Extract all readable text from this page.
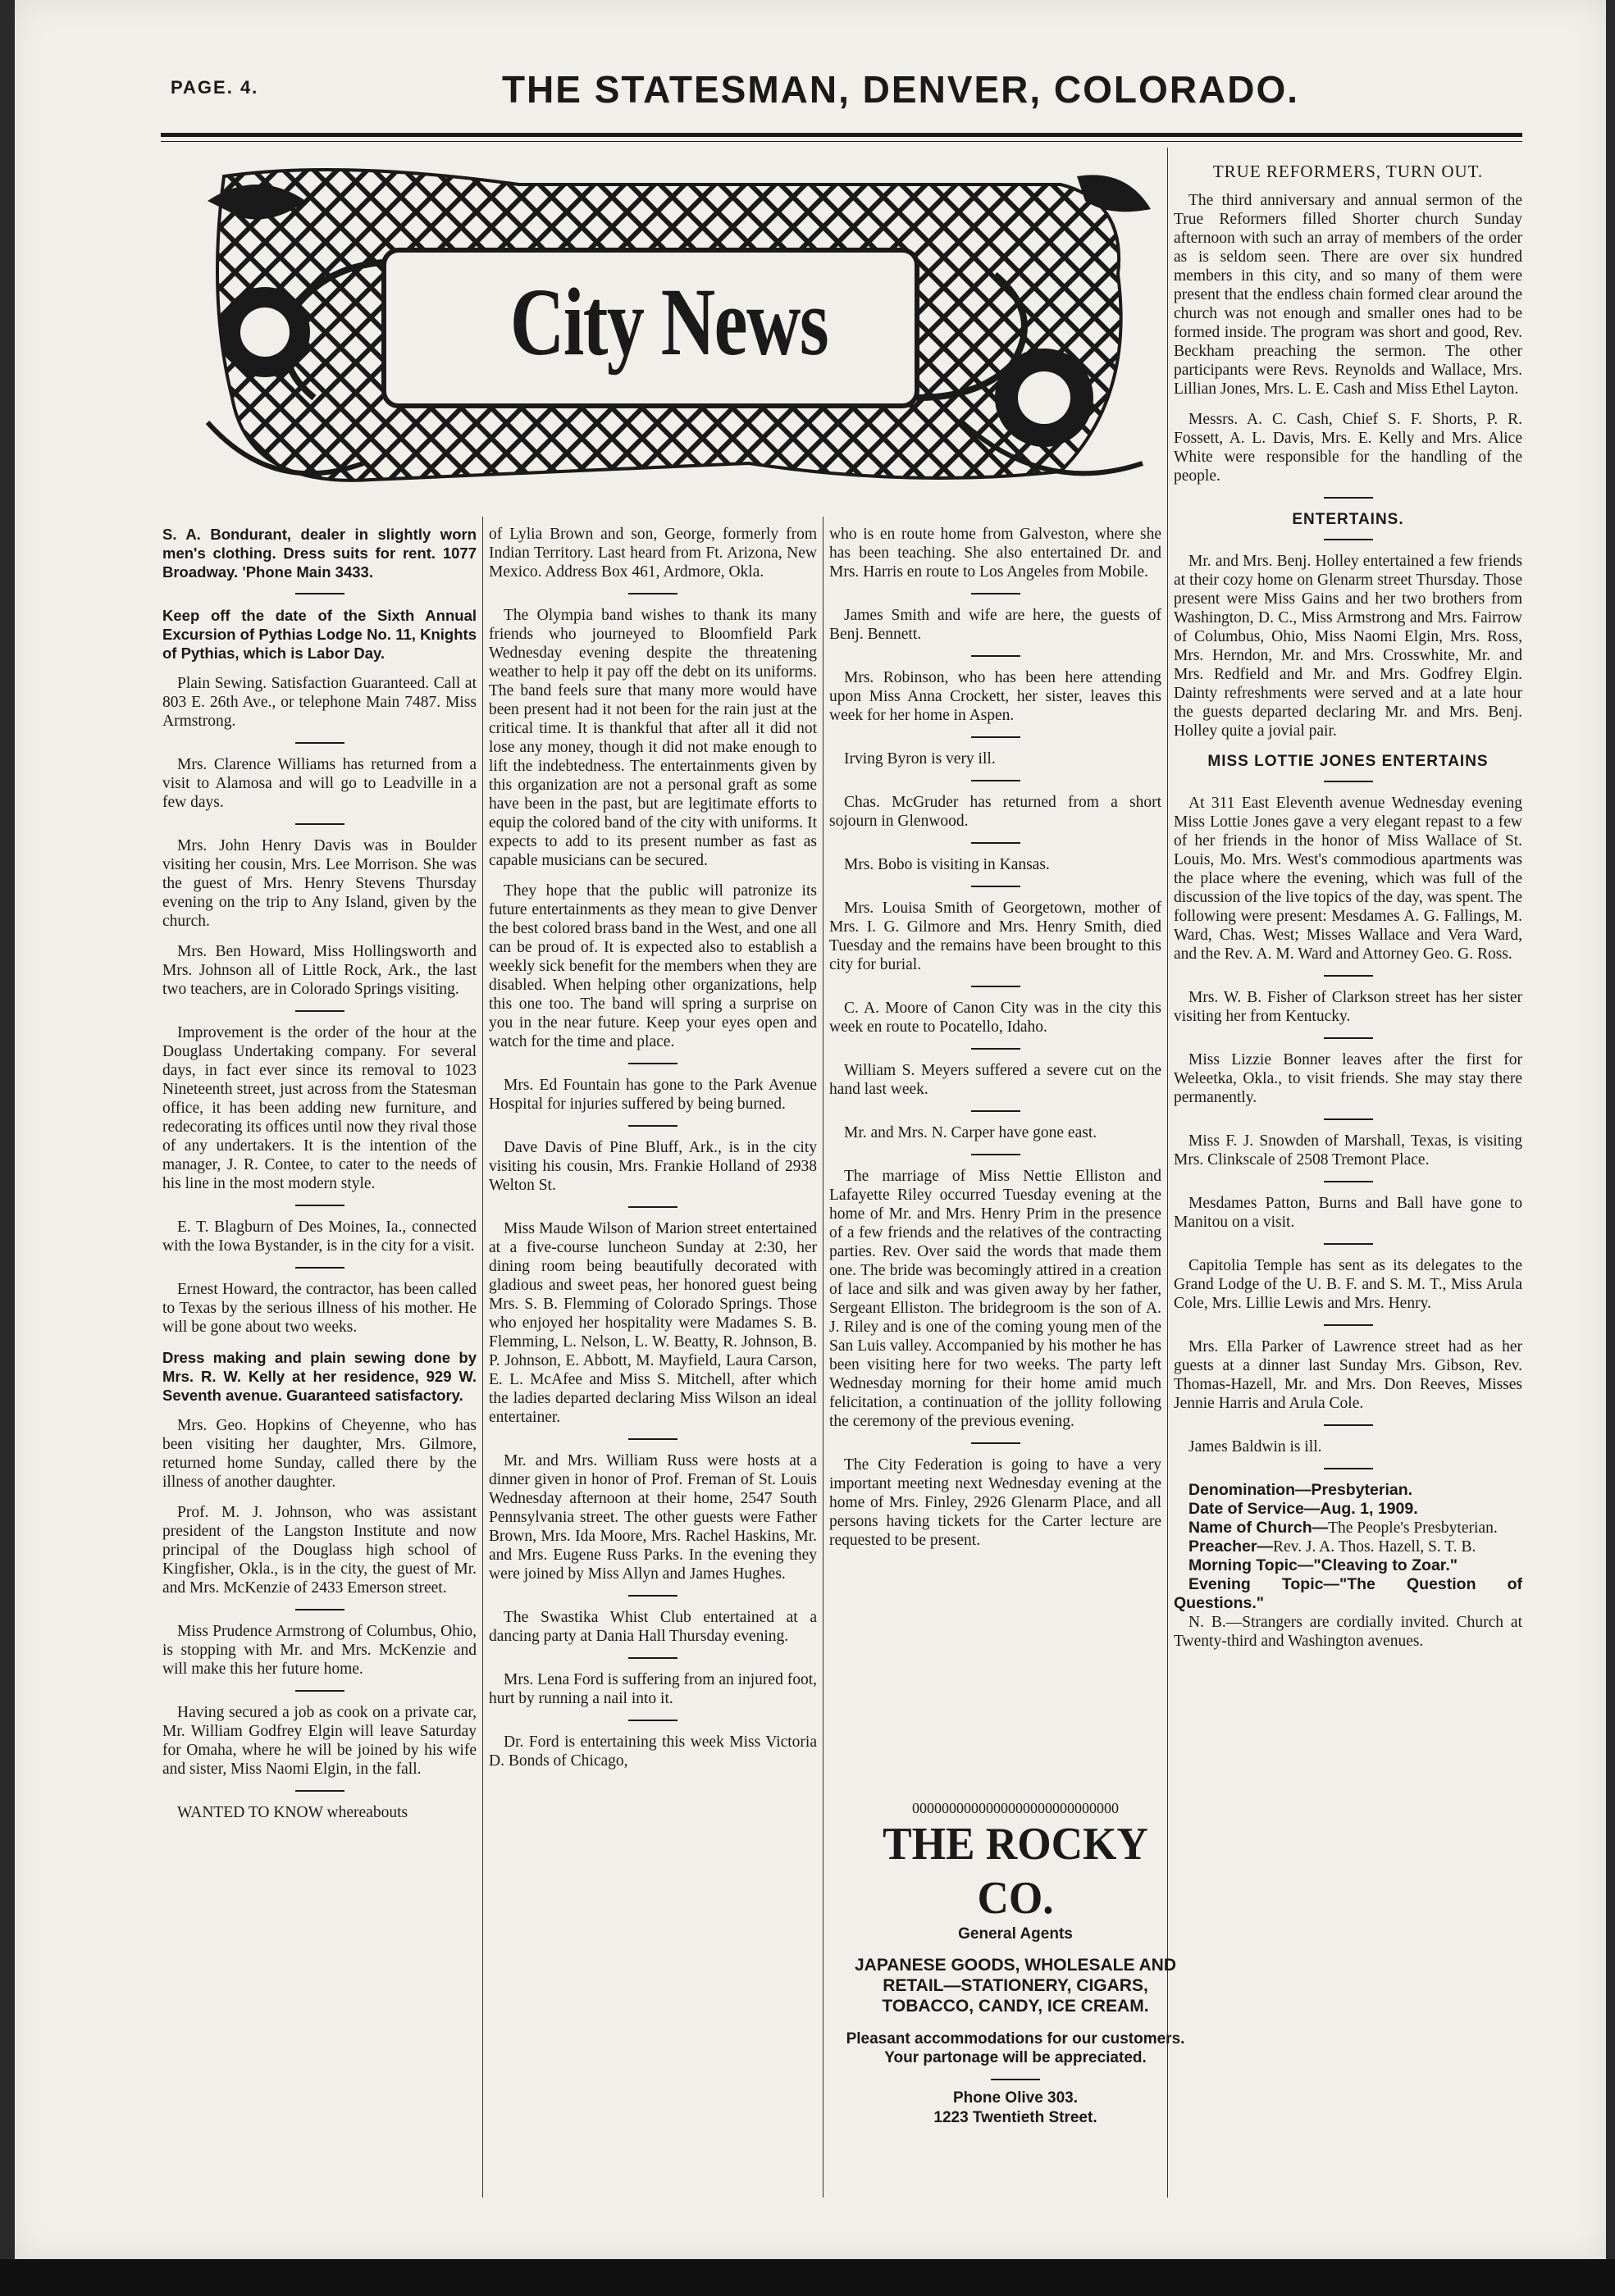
PAGE. 4.	THE STATESMAN, DENVER, COLORADO.
City News

S. A. Bondurant, dealer in slightly worn men's clothing. Dress suits for rent. 1077 Broadway. 'Phone Main 3433.

Keep off the date of the Sixth Annual Excursion of Pythias Lodge No. 11, Knights of Pythias, which is Labor Day.

Plain Sewing. Satisfaction Guaranteed. Call at 803 E. 26th Ave., or telephone Main 7487. Miss Armstrong.

Mrs. Clarence Williams has returned from a visit to Alamosa and will go to Leadville in a few days.

Mrs. John Henry Davis was in Boulder visiting her cousin, Mrs. Lee Morrison. She was the guest of Mrs. Henry Stevens Thursday evening on the trip to Any Island, given by the church.

Mrs. Ben Howard, Miss Hollingsworth and Mrs. Johnson all of Little Rock, Ark., the last two teachers, are in Colorado Springs visiting.

Improvement is the order of the hour at the Douglass Undertaking company. For several days, in fact ever since its removal to 1023 Nineteenth street, just across from the Statesman office, it has been adding new furniture, and redecorating its offices until now they rival those of any undertakers. It is the intention of the manager, J. R. Contee, to cater to the needs of his line in the most modern style.

E. T. Blagburn of Des Moines, Ia., connected with the Iowa Bystander, is in the city for a visit.

Ernest Howard, the contractor, has been called to Texas by the serious illness of his mother. He will be gone about two weeks.

Dress making and plain sewing done by Mrs. R. W. Kelly at her residence, 929 W. Seventh avenue. Guaranteed satisfactory.

Mrs. Geo. Hopkins of Cheyenne, who has been visiting her daughter, Mrs. Gilmore, returned home Sunday, called there by the illness of another daughter.

Prof. M. J. Johnson, who was assistant president of the Langston Institute and now principal of the Douglass high school of Kingfisher, Okla., is in the city, the guest of Mr. and Mrs. McKenzie of 2433 Emerson street.

Miss Prudence Armstrong of Columbus, Ohio, is stopping with Mr. and Mrs. McKenzie and will make this her future home.

Having secured a job as cook on a private car, Mr. William Godfrey Elgin will leave Saturday for Omaha, where he will be joined by his wife and sister, Miss Naomi Elgin, in the fall.

WANTED TO KNOW whereabouts

of Lylia Brown and son, George, formerly from Indian Territory. Last heard from Ft. Arizona, New Mexico. Address Box 461, Ardmore, Okla.

The Olympia band wishes to thank its many friends who journeyed to Bloomfield Park Wednesday evening despite the threatening weather to help it pay off the debt on its uniforms. The band feels sure that many more would have been present had it not been for the rain just at the critical time. It is thankful that after all it did not lose any money, though it did not make enough to lift the indebtedness. The entertainments given by this organization are not a personal graft as some have been in the past, but are legitimate efforts to equip the colored band of the city with uniforms. It expects to add to its present number as fast as capable musicians can be secured.

They hope that the public will patronize its future entertainments as they mean to give Denver the best colored brass band in the West, and one all can be proud of. It is expected also to establish a weekly sick benefit for the members when they are disabled. When helping other organizations, help this one too. The band will spring a surprise on you in the near future. Keep your eyes open and watch for the time and place.

Mrs. Ed Fountain has gone to the Park Avenue Hospital for injuries suffered by being burned.

Dave Davis of Pine Bluff, Ark., is in the city visiting his cousin, Mrs. Frankie Holland of 2938 Welton St.

Miss Maude Wilson of Marion street entertained at a five-course luncheon Sunday at 2:30, her dining room being beautifully decorated with gladious and sweet peas, her honored guest being Mrs. S. B. Flemming of Colorado Springs. Those who enjoyed her hospitality were Madames S. B. Flemming, L. Nelson, L. W. Beatty, R. Johnson, B. P. Johnson, E. Abbott, M. Mayfield, Laura Carson, E. L. McAfee and Miss S. Mitchell, after which the ladies departed declaring Miss Wilson an ideal entertainer.

Mr. and Mrs. William Russ were hosts at a dinner given in honor of Prof. Freman of St. Louis Wednesday afternoon at their home, 2547 South Pennsylvania street. The other guests were Father Brown, Mrs. Ida Moore, Mrs. Rachel Haskins, Mr. and Mrs. Eugene Russ Parks. In the evening they were joined by Miss Allyn and James Hughes.

The Swastika Whist Club entertained at a dancing party at Dania Hall Thursday evening.

Mrs. Lena Ford is suffering from an injured foot, hurt by running a nail into it.

Dr. Ford is entertaining this week Miss Victoria D. Bonds of Chicago,

who is en route home from Galveston, where she has been teaching. She also entertained Dr. and Mrs. Harris en route to Los Angeles from Mobile.

James Smith and wife are here, the guests of Benj. Bennett.

Mrs. Robinson, who has been here attending upon Miss Anna Crockett, her sister, leaves this week for her home in Aspen.

Irving Byron is very ill.

Chas. McGruder has returned from a short sojourn in Glenwood.

Mrs. Bobo is visiting in Kansas.

Mrs. Louisa Smith of Georgetown, mother of Mrs. I. G. Gilmore and Mrs. Henry Smith, died Tuesday and the remains have been brought to this city for burial.

C. A. Moore of Canon City was in the city this week en route to Pocatello, Idaho.

William S. Meyers suffered a severe cut on the hand last week.

Mr. and Mrs. N. Carper have gone east.

The marriage of Miss Nettie Elliston and Lafayette Riley occurred Tuesday evening at the home of Mr. and Mrs. Henry Prim in the presence of a few friends and the relatives of the contracting parties. Rev. Over said the words that made them one. The bride was becomingly attired in a creation of lace and silk and was given away by her father, Sergeant Elliston. The bridegroom is the son of A. J. Riley and is one of the coming young men of the San Luis valley. Accompanied by his mother he has been visiting here for two weeks. The party left Wednesday morning for their home amid much felicitation, a continuation of the jollity following the ceremony of the previous evening.

The City Federation is going to have a very important meeting next Wednesday evening at the home of Mrs. Finley, 2926 Glenarm Place, and all persons having tickets for the Carter lecture are requested to be present.

0000000000000000000000000000
THE ROCKY CO.
General Agents
JAPANESE GOODS, WHOLESALE AND RETAIL—STATIONERY, CIGARS, TOBACCO, CANDY, ICE CREAM.
Pleasant accommodations for our customers. Your partonage will be appreciated.
Phone Olive 303.
1223 Twentieth Street.
TRUE REFORMERS, TURN OUT.

The third anniversary and annual sermon of the True Reformers filled Shorter church Sunday afternoon with such an array of members of the order as is seldom seen. There are over six hundred members in this city, and so many of them were present that the endless chain formed clear around the church was not enough and smaller ones had to be formed inside. The program was short and good, Rev. Beckham preaching the sermon. The other participants were Revs. Reynolds and Wallace, Mrs. Lillian Jones, Mrs. L. E. Cash and Miss Ethel Layton.

Messrs. A. C. Cash, Chief S. F. Shorts, P. R. Fossett, A. L. Davis, Mrs. E. Kelly and Mrs. Alice White were responsible for the handling of the people.

ENTERTAINS.

Mr. and Mrs. Benj. Holley entertained a few friends at their cozy home on Glenarm street Thursday. Those present were Miss Gains and her two brothers from Washington, D. C., Miss Armstrong and Mrs. Fairrow of Columbus, Ohio, Miss Naomi Elgin, Mrs. Ross, Mrs. Herndon, Mr. and Mrs. Crosswhite, Mr. and Mrs. Redfield and Mr. and Mrs. Godfrey Elgin. Dainty refreshments were served and at a late hour the guests departed declaring Mr. and Mrs. Benj. Holley quite a jovial pair.

MISS LOTTIE JONES ENTERTAINS

At 311 East Eleventh avenue Wednesday evening Miss Lottie Jones gave a very elegant repast to a few of her friends in the honor of Miss Wallace of St. Louis, Mo. Mrs. West's commodious apartments was the place where the evening, which was full of the discussion of the live topics of the day, was spent. The following were present: Mesdames A. G. Fallings, M. Ward, Chas. West; Misses Wallace and Vera Ward, and the Rev. A. M. Ward and Attorney Geo. G. Ross.

Mrs. W. B. Fisher of Clarkson street has her sister visiting her from Kentucky.

Miss Lizzie Bonner leaves after the first for Weleetka, Okla., to visit friends. She may stay there permanently.

Miss F. J. Snowden of Marshall, Texas, is visiting Mrs. Clinkscale of 2508 Tremont Place.

Mesdames Patton, Burns and Ball have gone to Manitou on a visit.

Capitolia Temple has sent as its delegates to the Grand Lodge of the U. B. F. and S. M. T., Miss Arula Cole, Mrs. Lillie Lewis and Mrs. Henry.

Mrs. Ella Parker of Lawrence street had as her guests at a dinner last Sunday Mrs. Gibson, Rev. Thomas-Hazell, Mr. and Mrs. Don Reeves, Misses Jennie Harris and Arula Cole.

James Baldwin is ill.

Denomination—Presbyterian.

Date of Service—Aug. 1, 1909.

Name of Church—The People's Presbyterian.

Preacher—Rev. J. A. Thos. Hazell, S. T. B.

Morning Topic—"Cleaving to Zoar."

Evening Topic—"The Question of Questions."

N. B.—Strangers are cordially invited. Church at Twenty-third and Washington avenues.
